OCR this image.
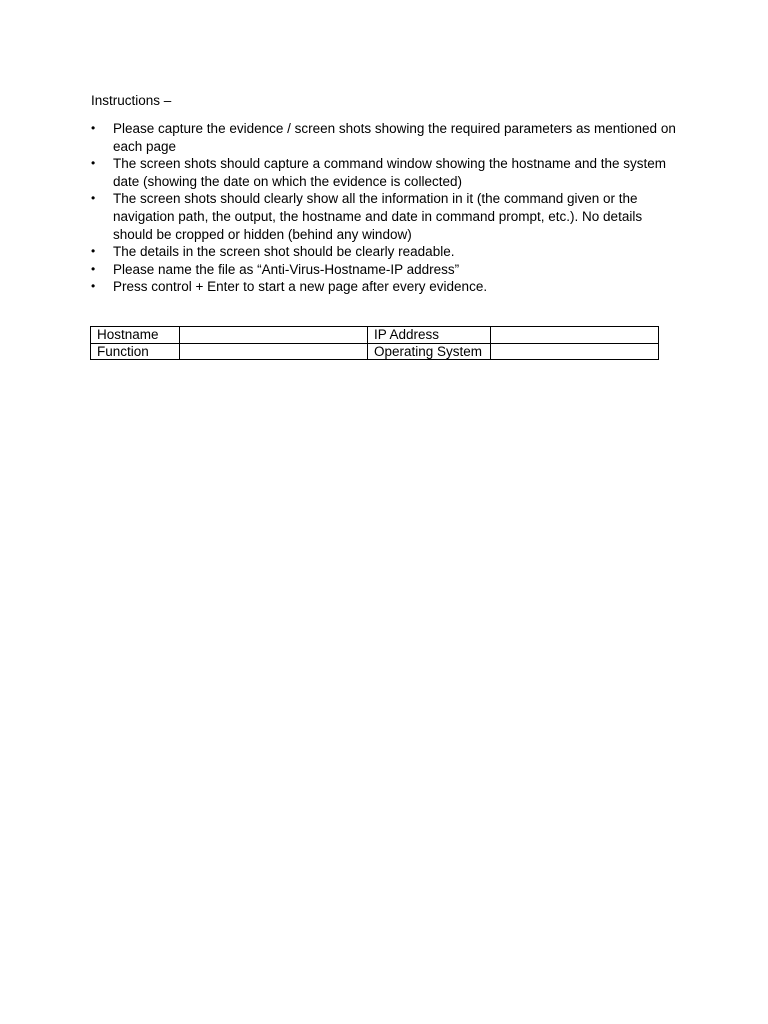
Instructions –
•	Please capture the evidence / screen shots showing the required parameters as mentioned on each page
•	The screen shots should capture a command window showing the hostname and the system date (showing the date on which the evidence is collected)
•	The screen shots should clearly show all the information in it (the command given or the navigation path, the output, the hostname and date in command prompt, etc.). No details should be cropped or hidden (behind any window)
•	The details in the screen shot should be clearly readable.
•	Please name the file as “Anti-Virus-Hostname-IP address”
•	Press control + Enter to start a new page after every evidence.
Hostname		IP Address	
Function		Operating System	
